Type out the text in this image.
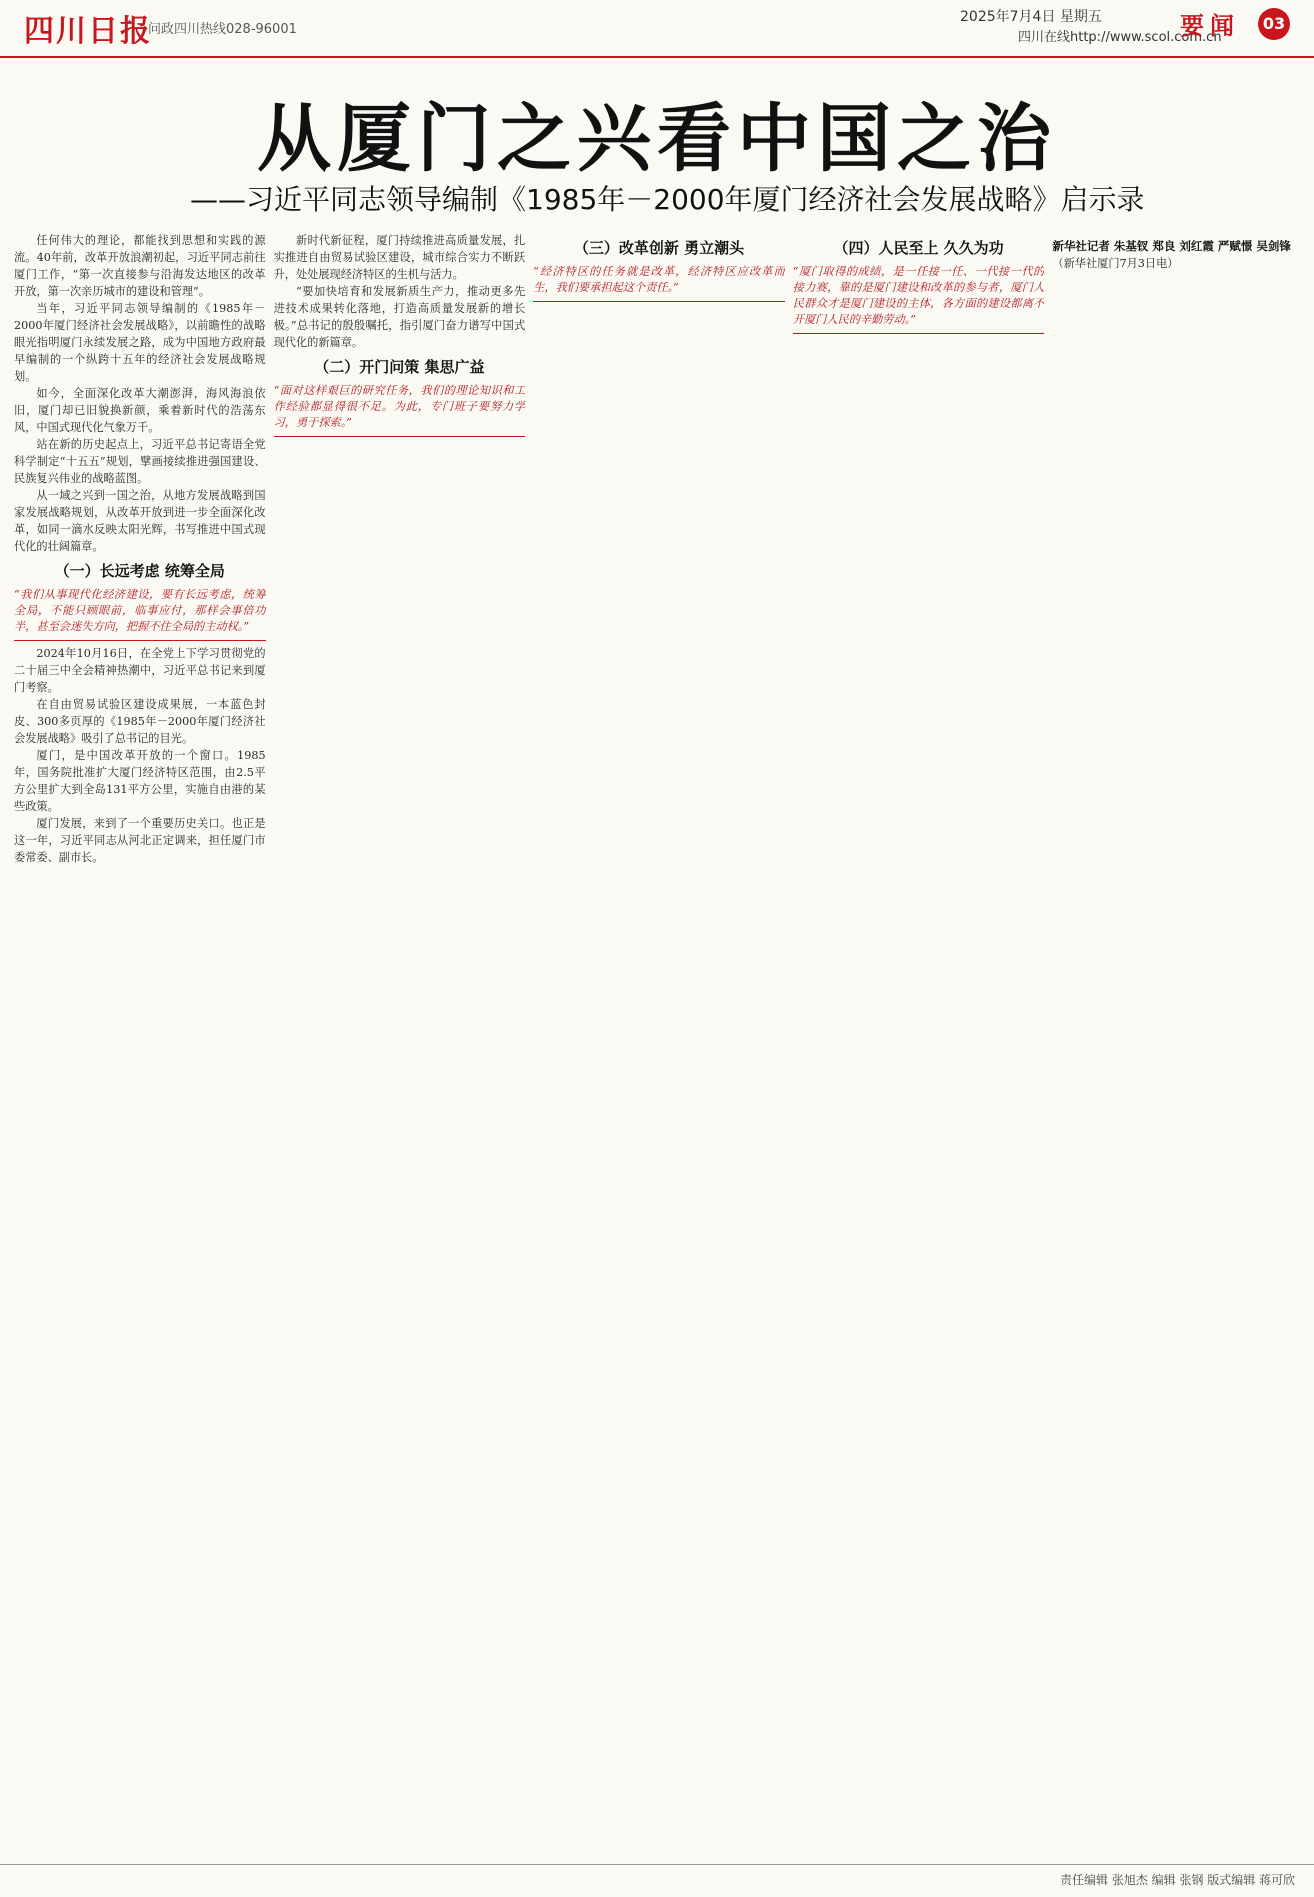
四川日报
问政四川热线028-96001
2025年7月4日 星期五
四川在线http://www.scol.com.cn
要闻	03
从厦门之兴看中国之治
——习近平同志领导编制《1985年－2000年厦门经济社会发展战略》启示录

任何伟大的理论，都能找到思想和实践的源流。40年前，改革开放浪潮初起，习近平同志前往厦门工作，“第一次直接参与沿海发达地区的改革开放，第一次亲历城市的建设和管理”。

当年，习近平同志领导编制的《1985年－2000年厦门经济社会发展战略》，以前瞻性的战略眼光指明厦门永续发展之路，成为中国地方政府最早编制的一个纵跨十五年的经济社会发展战略规划。

如今，全面深化改革大潮澎湃，海风海浪依旧，厦门却已旧貌换新颜，乘着新时代的浩荡东风，中国式现代化气象万千。

站在新的历史起点上，习近平总书记寄语全党科学制定“十五五”规划，擘画接续推进强国建设、民族复兴伟业的战略蓝图。

从一域之兴到一国之治，从地方发展战略到国家发展战略规划，从改革开放到进一步全面深化改革，如同一滴水反映太阳光辉，书写推进中国式现代化的壮阔篇章。

（一）长远考虑 统筹全局
“我们从事现代化经济建设，要有长远考虑，统筹全局，不能只顾眼前，临事应付，那样会事倍功半，甚至会迷失方向，把握不住全局的主动权。”

2024年10月16日，在全党上下学习贯彻党的二十届三中全会精神热潮中，习近平总书记来到厦门考察。

在自由贸易试验区建设成果展，一本蓝色封皮、300多页厚的《1985年－2000年厦门经济社会发展战略》吸引了总书记的目光。

厦门，是中国改革开放的一个窗口。1985年，国务院批准扩大厦门经济特区范围，由2.5平方公里扩大到全岛131平方公里，实施自由港的某些政策。

厦门发展，来到了一个重要历史关口。也正是这一年，习近平同志从河北正定调来，担任厦门市委常委、副市长。

新时代新征程，厦门持续推进高质量发展，扎实推进自由贸易试验区建设，城市综合实力不断跃升，处处展现经济特区的生机与活力。

“要加快培育和发展新质生产力，推动更多先进技术成果转化落地，打造高质量发展新的增长极。”总书记的殷殷嘱托，指引厦门奋力谱写中国式现代化的新篇章。

（二）开门问策 集思广益
“面对这样艰巨的研究任务，我们的理论知识和工作经验都显得很不足。为此，专门班子要努力学习，勇于探索。”
（三）改革创新 勇立潮头
“经济特区的任务就是改革，经济特区应改革而生，我们要承担起这个责任。”
（四）人民至上 久久为功
“厦门取得的成绩，是一任接一任、一代接一代的接力赛，靠的是厦门建设和改革的参与者，厦门人民群众才是厦门建设的主体，各方面的建设都离不开厦门人民的辛勤劳动。”
新华社记者 朱基钗 郑良 刘红霞 严赋憬 吴剑锋
（新华社厦门7月3日电）
责任编辑 张旭杰 编辑 张钢 版式编辑 蒋可欣
